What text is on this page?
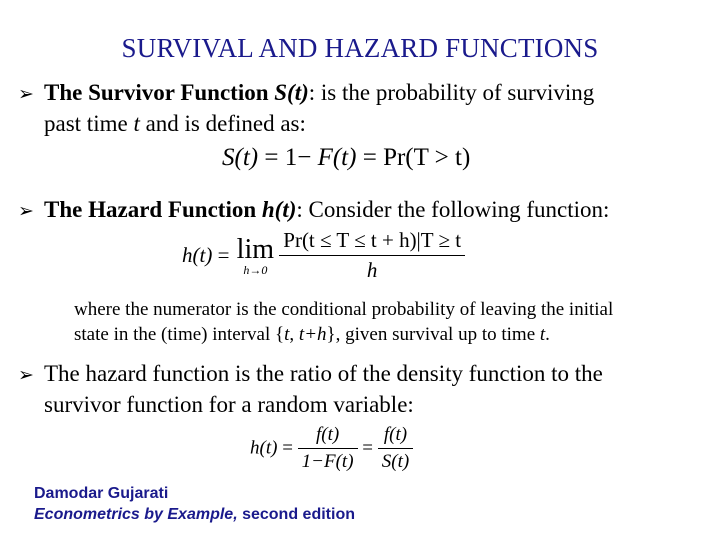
SURVIVAL AND HAZARD FUNCTIONS
➢ The Survivor Function S(t): is the probability of surviving
past time t and is defined as:
S(t) = 1− F(t) = Pr(T > t)
➢ The Hazard Function h(t): Consider the following function:
h(t) = lim
h→0
$\frac{Pr(t \le T \le t + h)|T \ge t}{h}$
where the numerator is the conditional probability of leaving the initial
state in the (time) interval {t, t+h}, given survival up to time t.
➢ The hazard function is the ratio of the density function to the
survivor function for a random variable:
$h(t) = \frac{f(t)}{1-F(t)} = \frac{f(t)}{S(t)}$
Damodar Gujarati
Econometrics by Example, second edition
